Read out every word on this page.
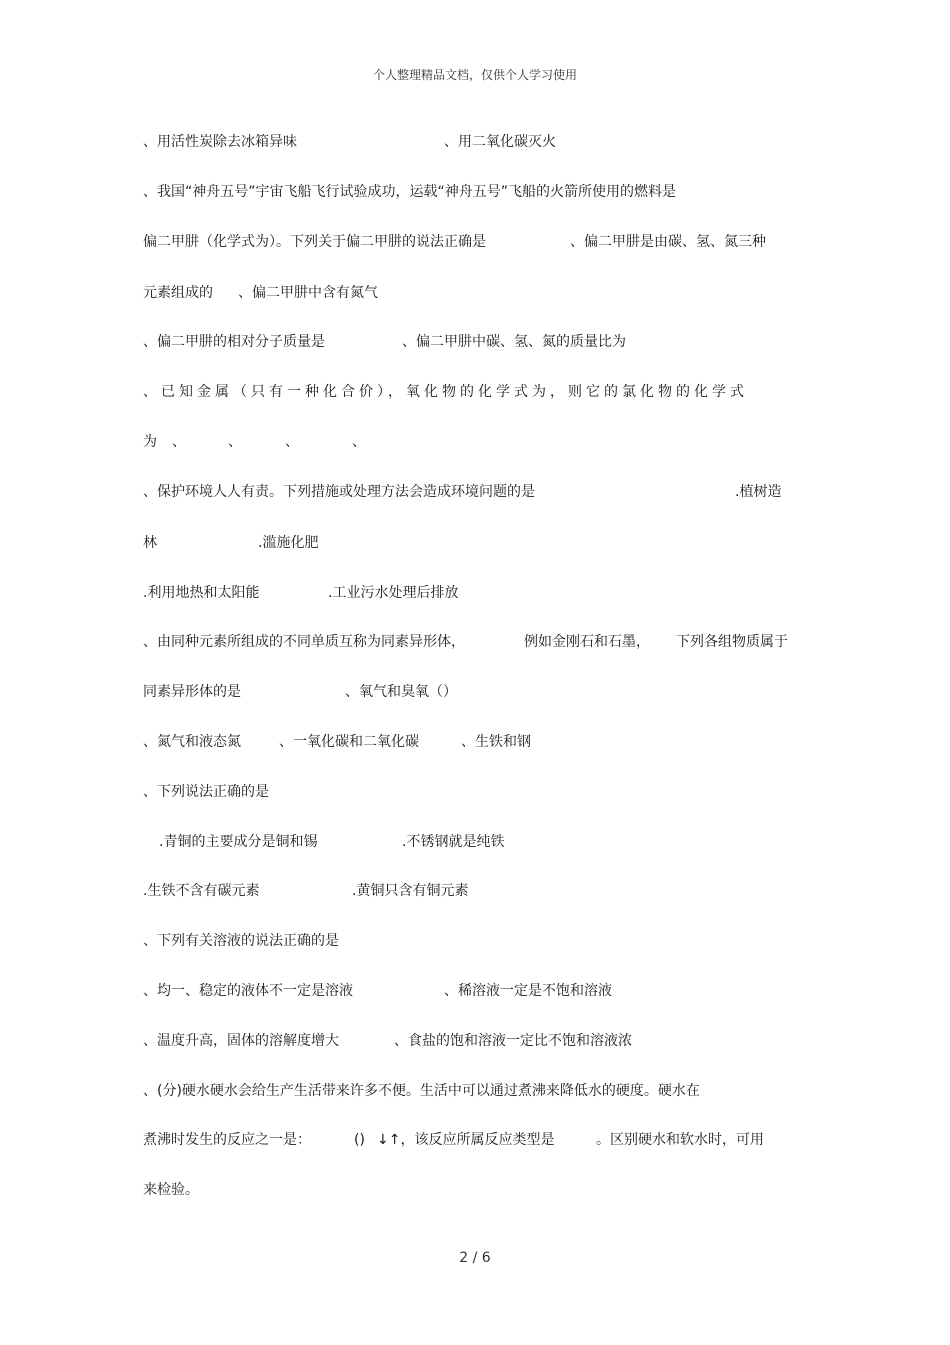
个人整理精品文档，仅供个人学习使用
、用活性炭除去冰箱异味	、用二氧化碳灭火
、我国“神舟五号”宇宙飞船飞行试验成功，运载“神舟五号”飞船的火箭所使用的燃料是
偏二甲肼（化学式为）。下列关于偏二甲肼的说法正确是	、偏二甲肼是由碳、氢、氮三种
元素组成的 、偏二甲肼中含有氮气
、偏二甲肼的相对分子质量是	、偏二甲肼中碳、氢、氮的质量比为
、已知金属（只有一种化合价），氧化物的化学式为，则它的氯化物的化学式
为 、	、	、	、
、保护环境人人有责。下列措施或处理方法会造成环境问题的是	.植树造
林	.滥施化肥
.利用地热和太阳能	.工业污水处理后排放
、由同种元素所组成的不同单质互称为同素异形体，	例如金刚石和石墨， 下列各组物质属于
同素异形体的是	、氧气和臭氧（）
、氮气和液态氮	、一氧化碳和二氧化碳	、生铁和钢
、下列说法正确的是
.青铜的主要成分是铜和锡	.不锈钢就是纯铁
.生铁不含有碳元素	.黄铜只含有铜元素
、下列有关溶液的说法正确的是
、均一、稳定的液体不一定是溶液	、稀溶液一定是不饱和溶液
、温度升高，固体的溶解度增大	、食盐的饱和溶液一定比不饱和溶液浓
、(分)硬水硬水会给生产生活带来许多不便。生活中可以通过煮沸来降低水的硬度。硬水在
煮沸时发生的反应之一是：	() ↓↑，该反应所属反应类型是	。区别硬水和软水时，可用
来检验。
2 / 6
